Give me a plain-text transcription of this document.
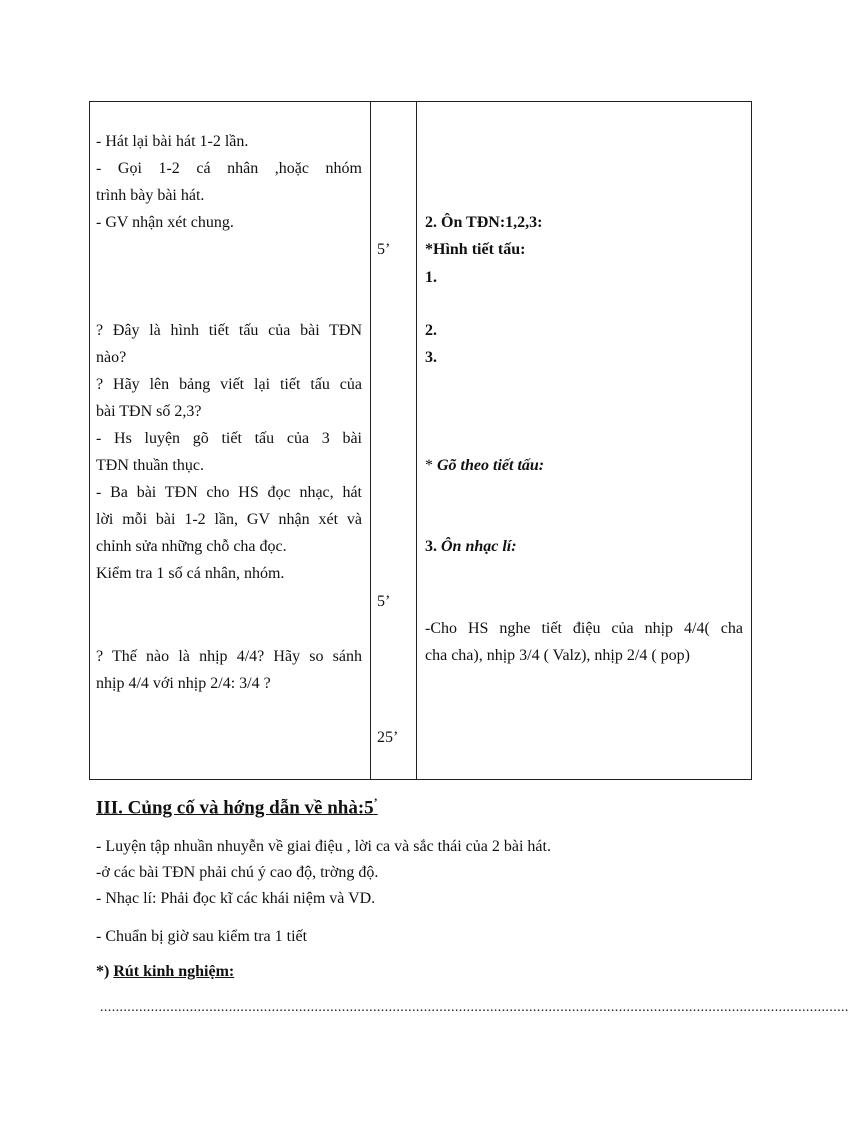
- Hát lại bài hát 1-2 lần.
- Gọi 1-2 cá nhân ,hoặc nhóm
trình bày bài hát.
- GV nhận xét chung.
? Đây là hình tiết tấu của bài TĐN
nào?
? Hãy lên bảng viết lại tiết tấu của
bài TĐN số 2,3?
- Hs luyện gõ tiết tấu của 3 bài
TĐN thuần thục.
- Ba bài TĐN cho HS đọc nhạc, hát
lời mỗi bài 1-2 lần, GV nhận xét và
chỉnh sửa những chỗ cha đọc.
Kiểm tra 1 số cá nhân, nhóm.
? Thế nào là nhịp 4/4? Hãy so sánh
nhịp 4/4 với nhịp 2/4: 3/4 ?
5’
5’
25’
2. Ôn TĐN:1,2,3:
*Hình tiết tấu:
1.
2.
3.
* Gõ theo tiết tấu:
3. Ôn nhạc lí:
-Cho HS nghe tiết điệu của nhịp 4/4( cha
cha cha), nhịp 3/4 ( Valz), nhịp 2/4 ( pop)
III. Củng cố và hớng dẫn về nhà:5’
- Luyện tập nhuần nhuyễn về giai điệu , lời ca và sắc thái của 2 bài hát.
-ở các bài TĐN phải chú ý cao độ, trờng độ.
- Nhạc lí: Phải đọc kĩ các khái niệm và VD.
- Chuẩn bị giờ sau kiểm tra 1 tiết
*) Rút kinh nghiệm:
................................................................................................................................................................................................
